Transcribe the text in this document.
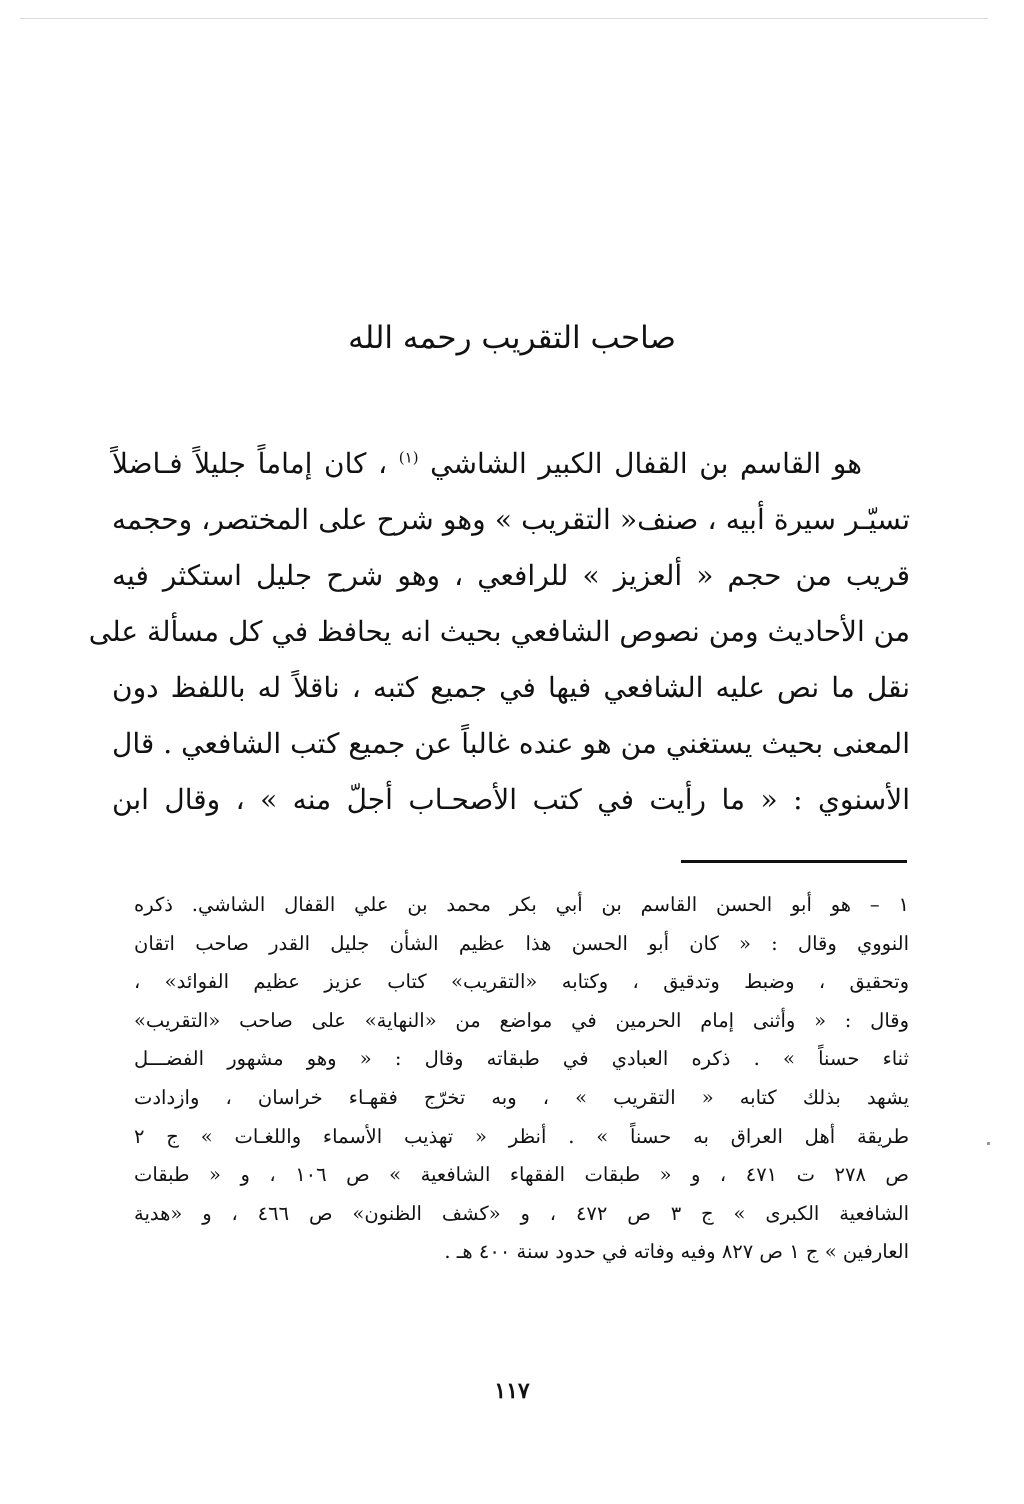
صاحب التقريب رحمه الله
هو القاسم بن القفال الكبير الشاشي $^{(١)}$ ، كان إماماً جليلاً فـاضلاً
تسيّـر سيرة أبيه ، صنف« التقريب » وهو شرح على المختصر، وحجمه
قريب من حجم « ألعزيز » للرافعي ، وهو شرح جليل استكثر فيه
من الأحاديث ومن نصوص الشافعي بحيث انه يحافظ في كل مسألة على
نقل ما نص عليه الشافعي فيها في جميع كتبه ، ناقلاً له باللفظ دون
المعنى بحيث يستغني من هو عنده غالباً عن جميع كتب الشافعي . قال
الأسنوي : « ما رأيت في كتب الأصحـاب أجلّ منه » ، وقال ابن
١ – هو أبو الحسن القاسم بن أبي بكر محمد بن علي القفال الشاشي. ذكره
النووي وقال : « كان أبو الحسن هذا عظيم الشأن جليل القدر صاحب اتقان
وتحقيق ، وضبط وتدقيق ، وكتابه «التقريب» كتاب عزيز عظيم الفوائد» ،
وقال : « وأثنى إمام الحرمين في مواضع من «النهاية» على صاحب «التقريب»
ثناء حسناً » . ذكره العبادي في طبقاته وقال : « وهو مشهور الفضـــل
يشهد بذلك كتابه « التقريب » ، وبه تخرّج فقهـاء خراسان ، وازدادت
طريقة أهل العراق به حسناً » . أنظر « تهذيب الأسماء واللغـات » ج ٢
ص ٢٧٨ ت ٤٧١ ، و « طبقات الفقهاء الشافعية » ص ١٠٦ ، و « طبقات
الشافعية الكبرى » ج ٣ ص ٤٧٢ ، و «كشف الظنون» ص ٤٦٦ ، و «هدية
العارفين » ج ١ ص ٨٢٧ وفيه وفاته في حدود سنة ٤٠٠ هـ .
١١٧
